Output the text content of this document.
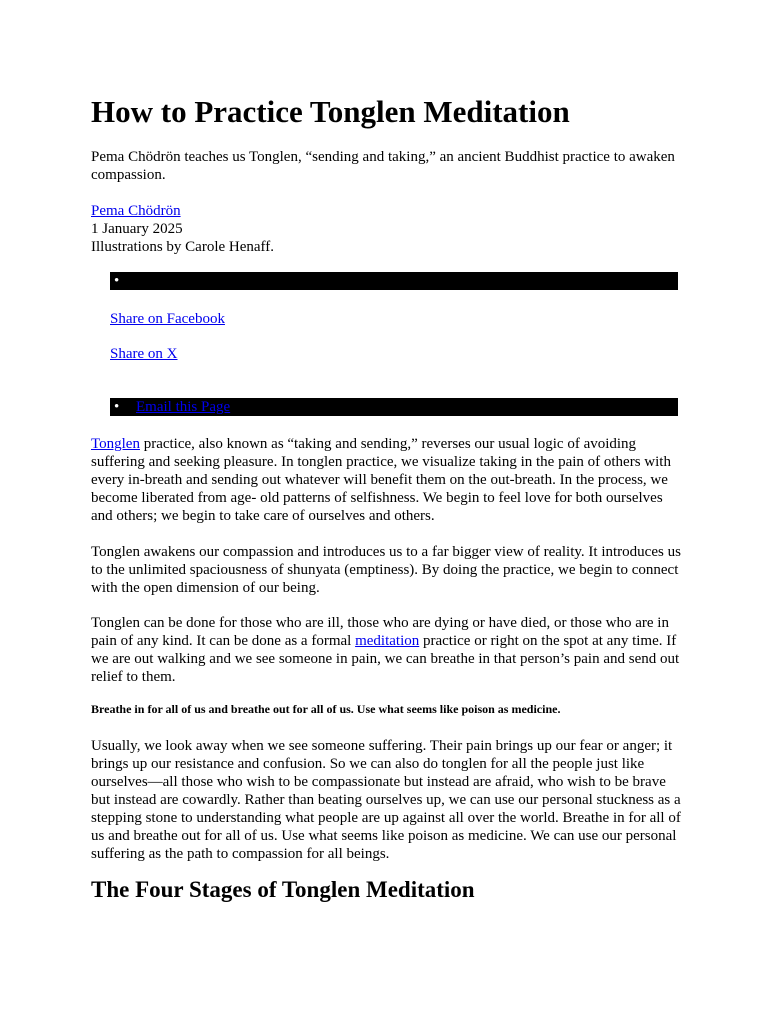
How to Practice Tonglen Meditation

Pema Chödrön teaches us Tonglen, “sending and taking,” an ancient Buddhist practice to awaken compassion.

Pema Chödrön
1 January 2025
Illustrations by Carole Henaff.
•
Share on Facebook
Share on X
• Email this Page

Tonglen practice, also known as “taking and sending,” reverses our usual logic of avoiding suffering and seeking pleasure. In tonglen practice, we visualize taking in the pain of others with every in-breath and sending out whatever will benefit them on the out-breath. In the process, we become liberated from age- old patterns of selfishness. We begin to feel love for both ourselves and others; we begin to take care of ourselves and others.

Tonglen awakens our compassion and introduces us to a far bigger view of reality. It introduces us to the unlimited spaciousness of shunyata (emptiness). By doing the practice, we begin to connect with the open dimension of our being.

Tonglen can be done for those who are ill, those who are dying or have died, or those who are in pain of any kind. It can be done as a formal meditation practice or right on the spot at any time. If we are out walking and we see someone in pain, we can breathe in that person’s pain and send out relief to them.

Breathe in for all of us and breathe out for all of us. Use what seems like poison as medicine.

Usually, we look away when we see someone suffering. Their pain brings up our fear or anger; it brings up our resistance and confusion. So we can also do tonglen for all the people just like ourselves—all those who wish to be compassionate but instead are afraid, who wish to be brave but instead are cowardly. Rather than beating ourselves up, we can use our personal stuckness as a stepping stone to understanding what people are up against all over the world. Breathe in for all of us and breathe out for all of us. Use what seems like poison as medicine. We can use our personal suffering as the path to compassion for all beings.

The Four Stages of Tonglen Meditation
